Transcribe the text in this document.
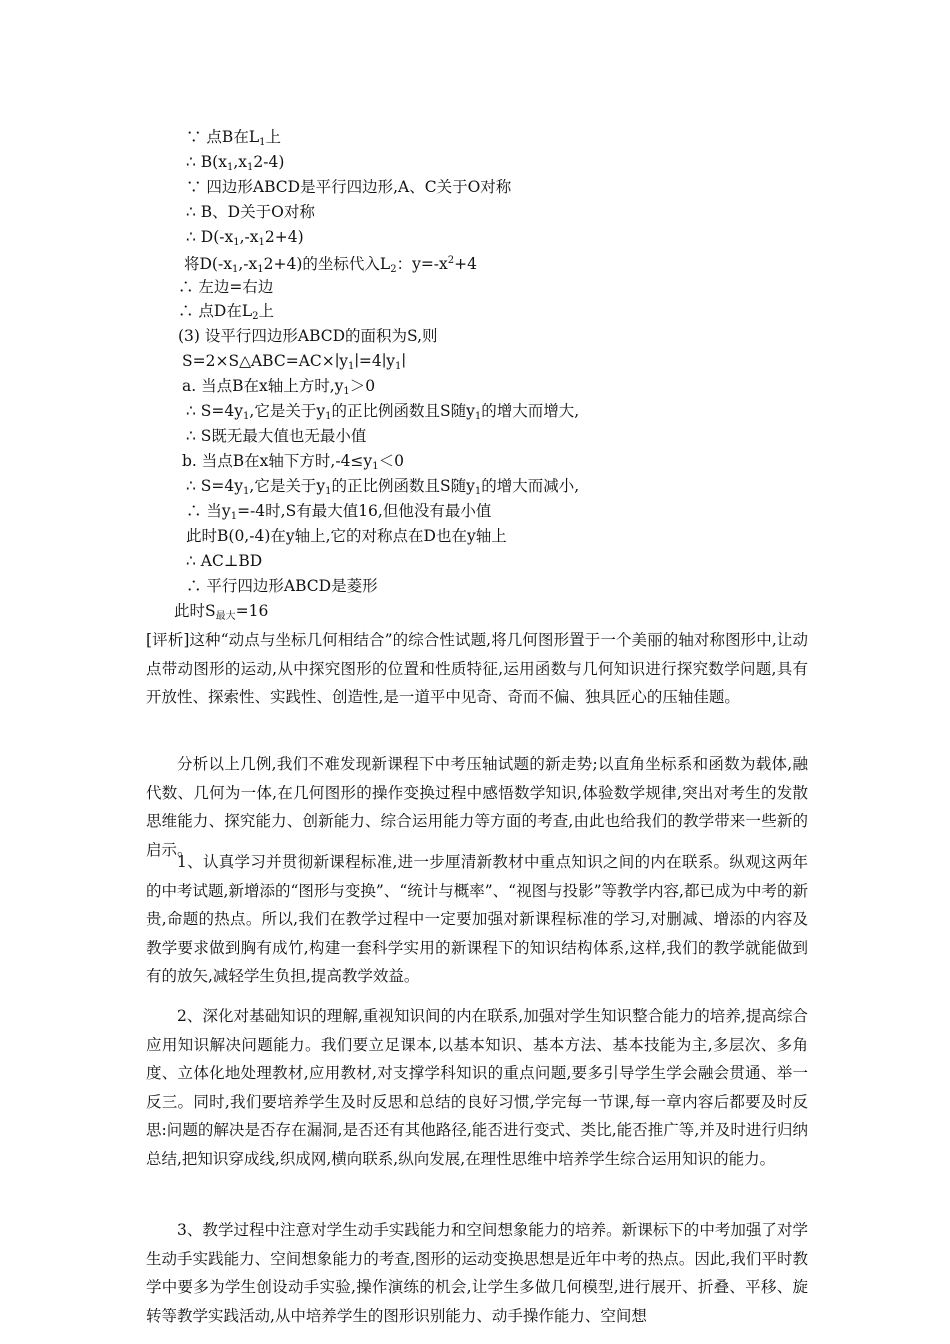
∵ 点B在$L_1$上
∴ $B(x_1,x_12-4)$
∵ 四边形ABCD是平行四边形,A、C关于O对称
∴ B、D关于O对称
∴ $D(-x_1,-x_12+4)$
将$D(-x_1,-x_12+4)$的坐标代入$L_2$：$y=-x^2+4$
∴ 左边=右边
∴ 点D在$L_2$上
(3) 设平行四边形ABCD的面积为S,则
$S=2\times S\triangle ABC=AC\times∣y_1∣=4∣y_1∣$
a. 当点B在x轴上方时$,y_1>0$
∴ $S=4y_1$,它是关于$y_1$的正比例函数且S随$y_1$的增大而增大,
∴ S既无最大值也无最小值
b. 当点B在x轴下方时$,-4\le y_1<0$
∴ $S=4y_1$,它是关于$y_1$的正比例函数且S随$y_1$的增大而减小,
∴ 当$y_1=-4$时,S有最大值16,但他没有最小值
此时B(0,-4)在y轴上,它的对称点在D也在y轴上
∴ AC⊥BD
∴ 平行四边形ABCD是菱形
此时$S_{最大}=16$
[评析]这种“动点与坐标几何相结合”的综合性试题,将几何图形置于一个美丽的轴对称图形中,让动点带动图形的运动,从中探究图形的位置和性质特征,运用函数与几何知识进行探究数学问题,具有开放性、探索性、实践性、创造性,是一道平中见奇、奇而不偏、独具匠心的压轴佳题。
分析以上几例,我们不难发现新课程下中考压轴试题的新走势;以直角坐标系和函数为载体,融代数、几何为一体,在几何图形的操作变换过程中感悟数学知识,体验数学规律,突出对考生的发散思维能力、探究能力、创新能力、综合运用能力等方面的考查,由此也给我们的教学带来一些新的启示。
1、认真学习并贯彻新课程标准,进一步厘清新教材中重点知识之间的内在联系。纵观这两年的中考试题,新增添的“图形与变换”、“统计与概率”、“视图与投影”等教学内容,都已成为中考的新贵,命题的热点。所以,我们在教学过程中一定要加强对新课程标准的学习,对删减、增添的内容及教学要求做到胸有成竹,构建一套科学实用的新课程下的知识结构体系,这样,我们的教学就能做到有的放矢,减轻学生负担,提高教学效益。
2、深化对基础知识的理解,重视知识间的内在联系,加强对学生知识整合能力的培养,提高综合应用知识解决问题能力。我们要立足课本,以基本知识、基本方法、基本技能为主,多层次、多角度、立体化地处理教材,应用教材,对支撑学科知识的重点问题,要多引导学生学会融会贯通、举一反三。同时,我们要培养学生及时反思和总结的良好习惯,学完每一节课,每一章内容后都要及时反思:问题的解决是否存在漏洞,是否还有其他路径,能否进行变式、类比,能否推广等,并及时进行归纳总结,把知识穿成线,织成网,横向联系,纵向发展,在理性思维中培养学生综合运用知识的能力。
3、教学过程中注意对学生动手实践能力和空间想象能力的培养。新课标下的中考加强了对学生动手实践能力、空间想象能力的考查,图形的运动变换思想是近年中考的热点。因此,我们平时教学中要多为学生创设动手实验,操作演练的机会,让学生多做几何模型,进行展开、折叠、平移、旋转等教学实践活动,从中培养学生的图形识别能力、动手操作能力、空间想
